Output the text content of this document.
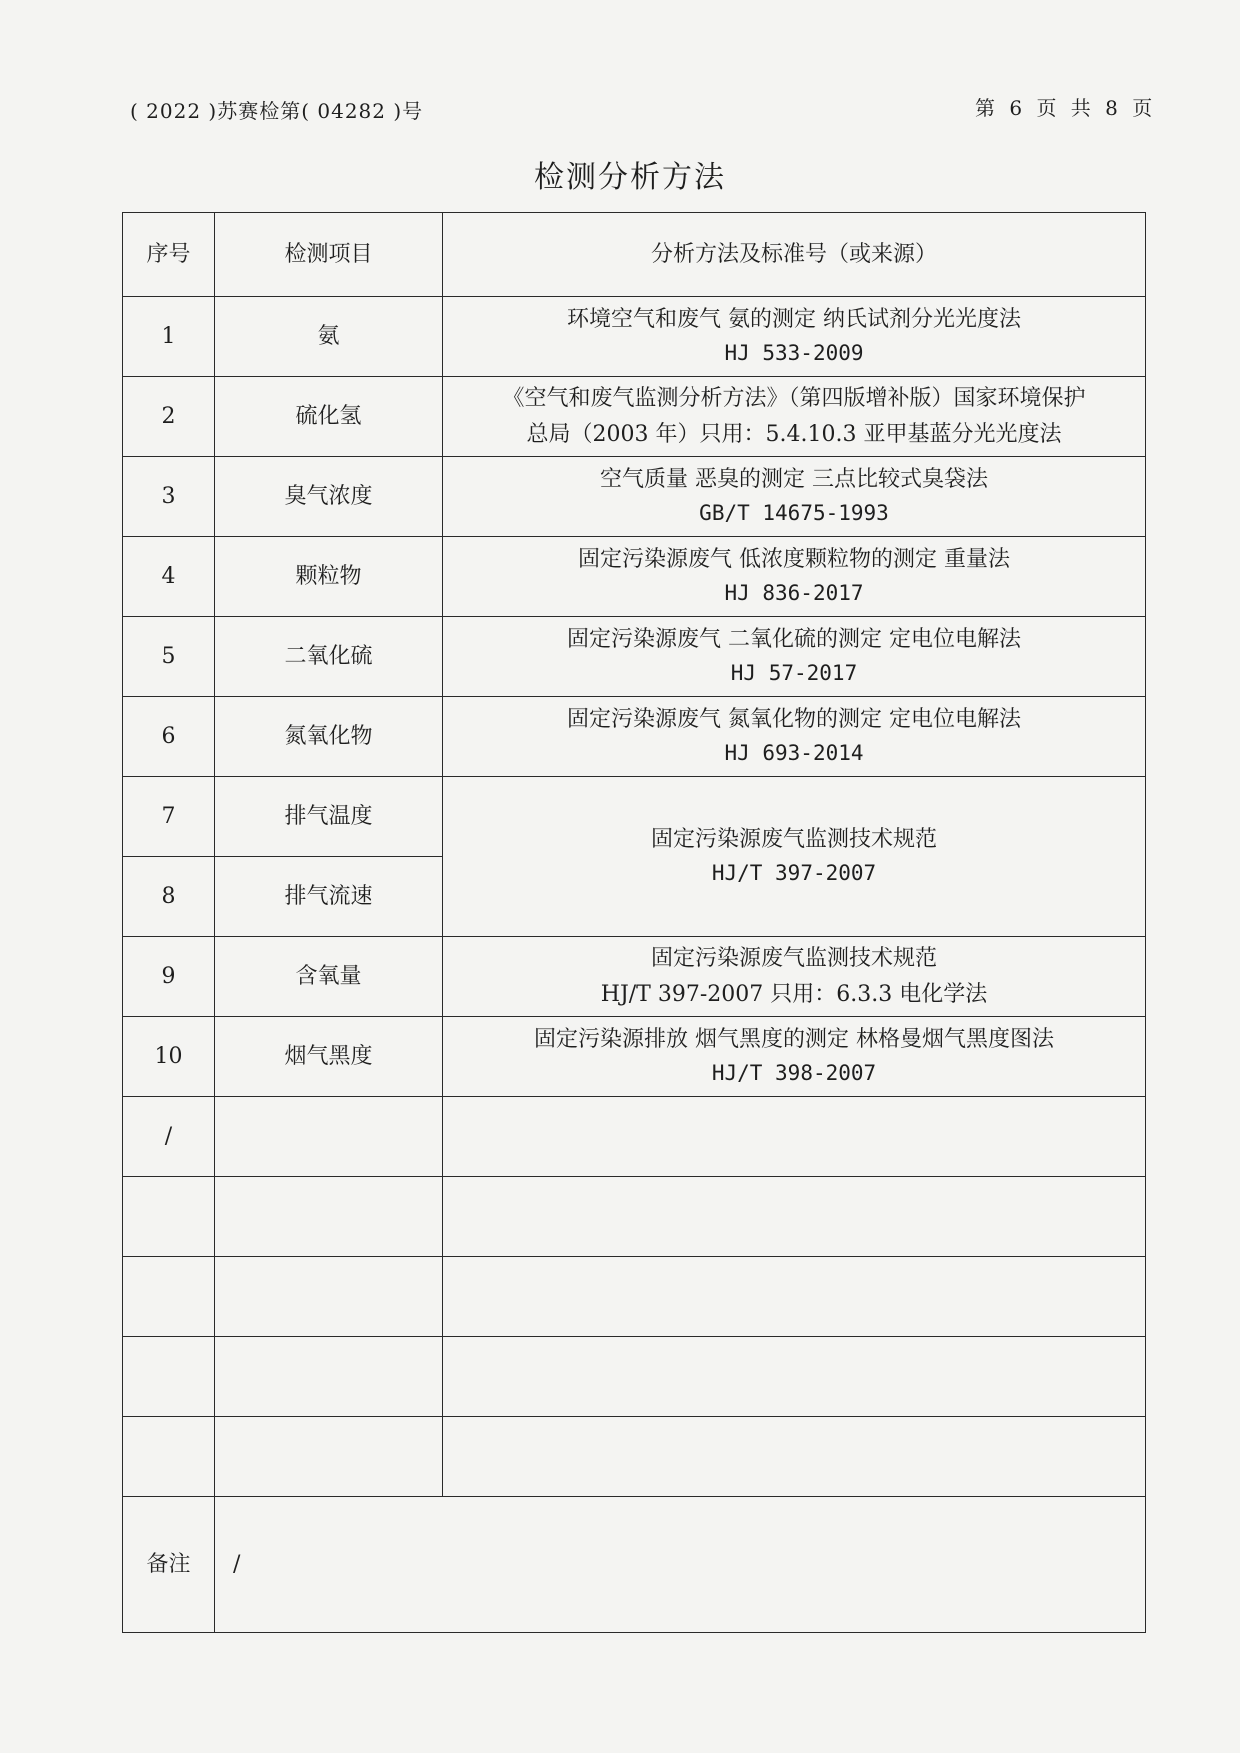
( 2022 )苏赛检第( 04282 )号	第 6 页 共 8 页
检测分析方法
序号	检测项目	分析方法及标准号（或来源）
1	氨	环境空气和废气 氨的测定 纳氏试剂分光光度法
HJ 533-2009

2	硫化氢	《空气和废气监测分析方法》（第四版增补版）国家环境保护
总局（2003 年）只用：5.4.10.3 亚甲基蓝分光光度法

3	臭气浓度	空气质量 恶臭的测定 三点比较式臭袋法
GB/T 14675-1993

4	颗粒物	固定污染源废气 低浓度颗粒物的测定 重量法
HJ 836-2017

5	二氧化硫	固定污染源废气 二氧化硫的测定 定电位电解法
HJ 57-2017

6	氮氧化物	固定污染源废气 氮氧化物的测定 定电位电解法
HJ 693-2014

7	排气温度	固定污染源废气监测技术规范
HJ/T 397-2007

8	排气流速	
9	含氧量	固定污染源废气监测技术规范
HJ/T 397-2007 只用：6.3.3 电化学法

10	烟气黑度	固定污染源排放 烟气黑度的测定 林格曼烟气黑度图法
HJ/T 398-2007

/		

备注	/	
